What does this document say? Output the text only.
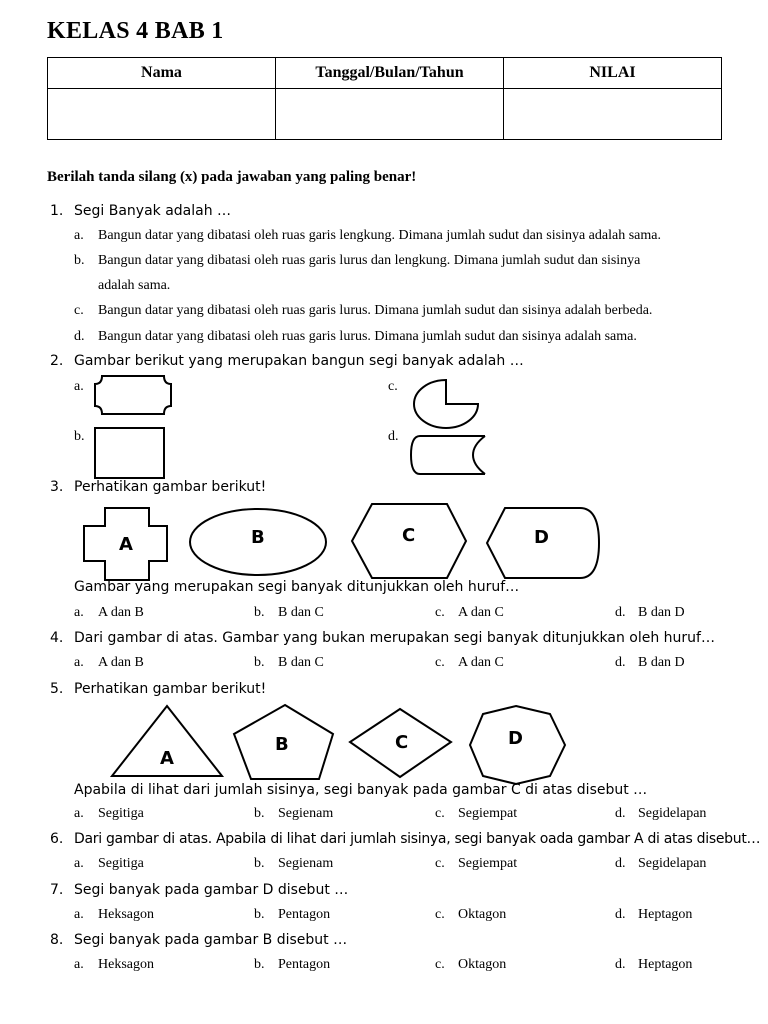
KELAS 4 BAB 1
Nama	Tanggal/Bulan/Tahun	NILAI

Berilah tanda silang (x) pada jawaban yang paling benar!
1. Segi Banyak adalah …
a. Bangun datar yang dibatasi oleh ruas garis lengkung. Dimana jumlah sudut dan sisinya adalah sama.
b. Bangun datar yang dibatasi oleh ruas garis lurus dan lengkung. Dimana jumlah sudut dan sisinya
adalah sama.
c. Bangun datar yang dibatasi oleh ruas garis lurus. Dimana jumlah sudut dan sisinya adalah berbeda.
d. Bangun datar yang dibatasi oleh ruas garis lurus. Dimana jumlah sudut dan sisinya adalah sama.
2. Gambar berikut yang merupakan bangun segi banyak adalah …
a.	c.
b.	d.
3. Perhatikan gambar berikut!
A	B	C	D
Gambar yang merupakan segi banyak ditunjukkan oleh huruf…
a. A dan B	b. B dan C	c. A dan C	d. B dan D
4. Dari gambar di atas. Gambar yang bukan merupakan segi banyak ditunjukkan oleh huruf…
a. A dan B	b. B dan C	c. A dan C	d. B dan D
5. Perhatikan gambar berikut!
A
B	C	D
Apabila di lihat dari jumlah sisinya, segi banyak pada gambar C di atas disebut …
a. Segitiga	b. Segienam	c. Segiempat	d. Segidelapan
6. Dari gambar di atas. Apabila di lihat dari jumlah sisinya, segi banyak oada gambar A di atas disebut…
a. Segitiga	b. Segienam	c. Segiempat	d. Segidelapan
7. Segi banyak pada gambar D disebut …
a. Heksagon	b. Pentagon	c. Oktagon	d. Heptagon
8. Segi banyak pada gambar B disebut …
a. Heksagon	b. Pentagon	c. Oktagon	d. Heptagon
